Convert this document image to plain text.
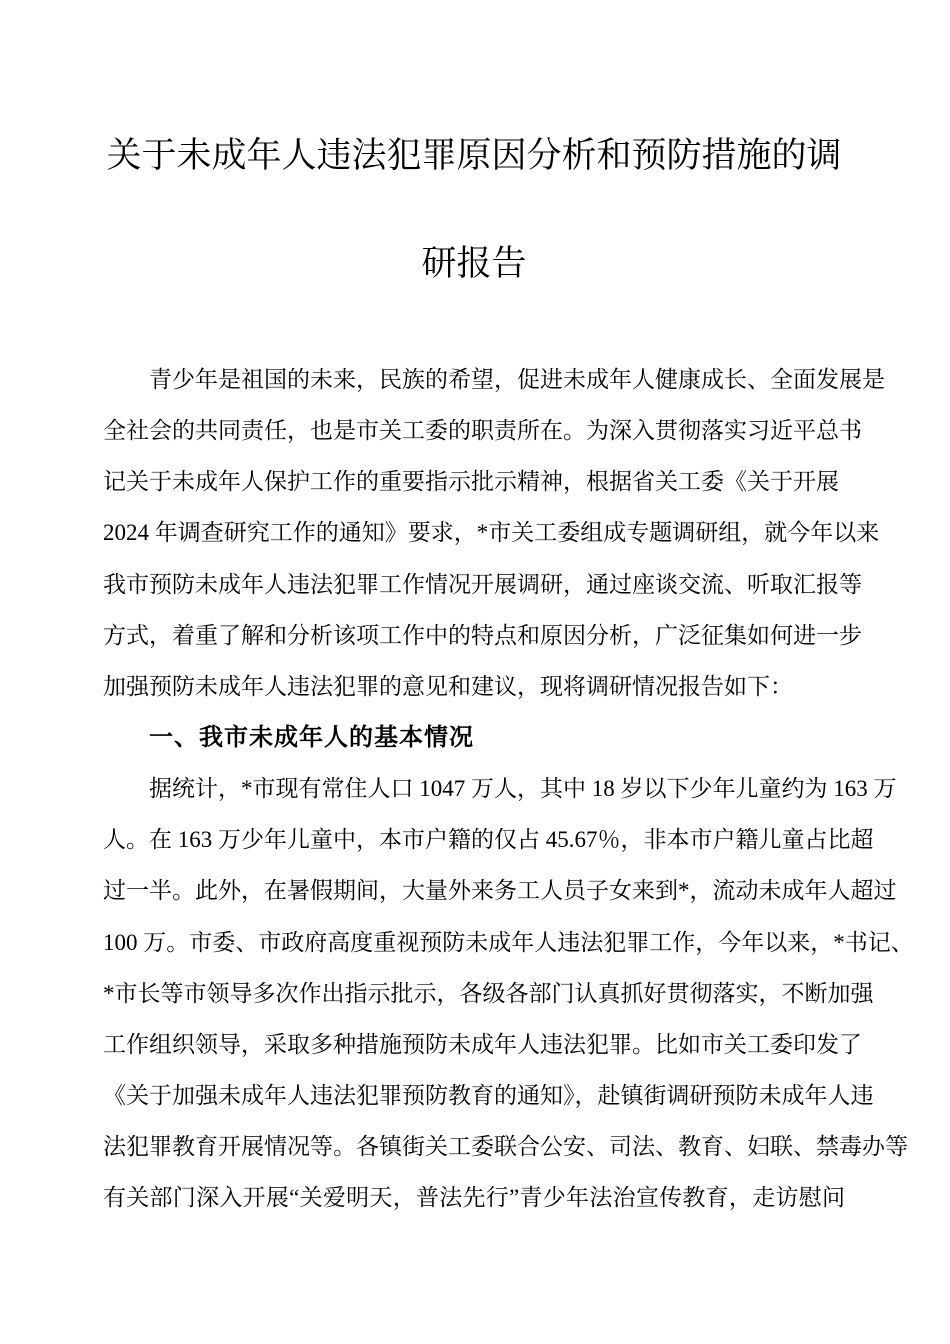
关于未成年人违法犯罪原因分析和预防措施的调
研报告
青少年是祖国的未来，民族的希望，促进未成年人健康成长、全面发展是
全社会的共同责任，也是市关工委的职责所在。为深入贯彻落实习近平总书
记关于未成年人保护工作的重要指示批示精神，根据省关工委《关于开展
2024 年调查研究工作的通知》要求，*市关工委组成专题调研组，就今年以来
我市预防未成年人违法犯罪工作情况开展调研，通过座谈交流、听取汇报等
方式，着重了解和分析该项工作中的特点和原因分析，广泛征集如何进一步
加强预防未成年人违法犯罪的意见和建议，现将调研情况报告如下：
一、我市未成年人的基本情况
据统计，*市现有常住人口 1047 万人，其中 18 岁以下少年儿童约为 163 万
人。在 163 万少年儿童中，本市户籍的仅占 45.67％，非本市户籍儿童占比超
过一半。此外，在暑假期间，大量外来务工人员子女来到*，流动未成年人超过
100 万。市委、市政府高度重视预防未成年人违法犯罪工作，今年以来，*书记、
*市长等市领导多次作出指示批示，各级各部门认真抓好贯彻落实，不断加强
工作组织领导，采取多种措施预防未成年人违法犯罪。比如市关工委印发了
《关于加强未成年人违法犯罪预防教育的通知》，赴镇街调研预防未成年人违
法犯罪教育开展情况等。各镇街关工委联合公安、司法、教育、妇联、禁毒办等
有关部门深入开展“关爱明天，普法先行”青少年法治宣传教育，走访慰问
